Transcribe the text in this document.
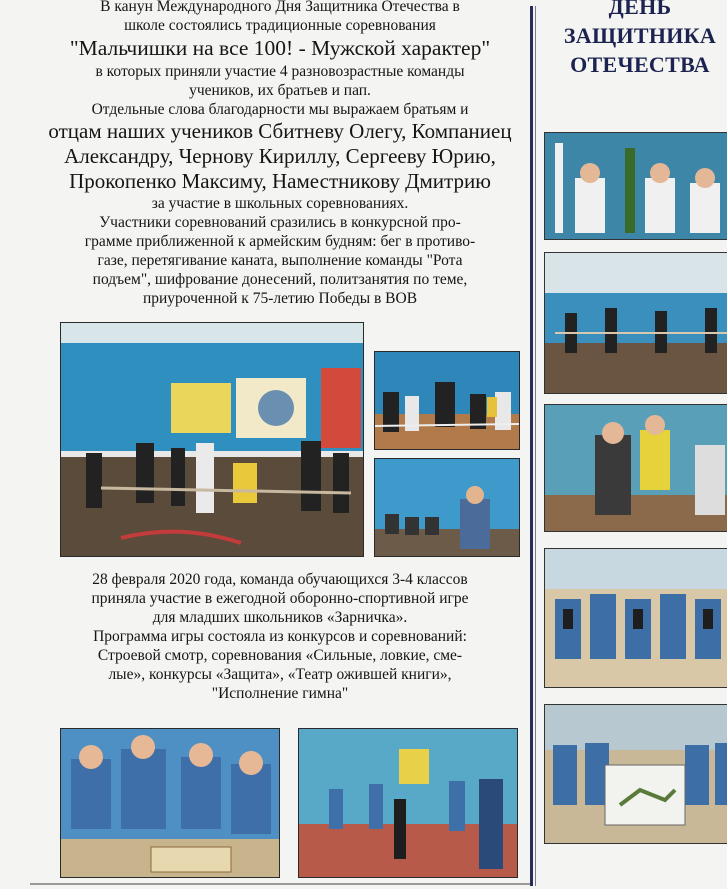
В канун Международного Дня Защитника Отечества в

школе состоялись традиционные соревнования

"Мальчишки на все 100! - Мужской характер"

в которых приняли участие 4 разновозрастные команды

учеников, их братьев и пап.

Отдельные слова благодарности мы выражаем братьям и

отцам наших учеников Сбитневу Олегу, Компаниец

Александру, Чернову Кириллу, Сергееву Юрию,

Прокопенко Максиму, Наместникову Дмитрию

за участие в школьных соревнованиях.

Участники соревнований сразились в конкурсной про-

грамме приближенной к армейским будням: бег в противо-

газе, перетягивание каната, выполнение команды "Рота

подъем", шифрование донесений, политзанятия по теме,

приуроченной к 75-летию Победы в ВОВ

28 февраля 2020 года, команда обучающихся 3-4 классов

приняла участие в ежегодной оборонно-спортивной игре

для младших школьников «Зарничка».

Программа игры состояла из конкурсов и соревнований:

Строевой смотр, соревнования «Сильные, ловкие, сме-

лые», конкурсы «Защита», «Театр ожившей книги»,

"Исполнение гимна"

ДЕНЬ
ЗАЩИТНИКА
ОТЕЧЕСТВА
